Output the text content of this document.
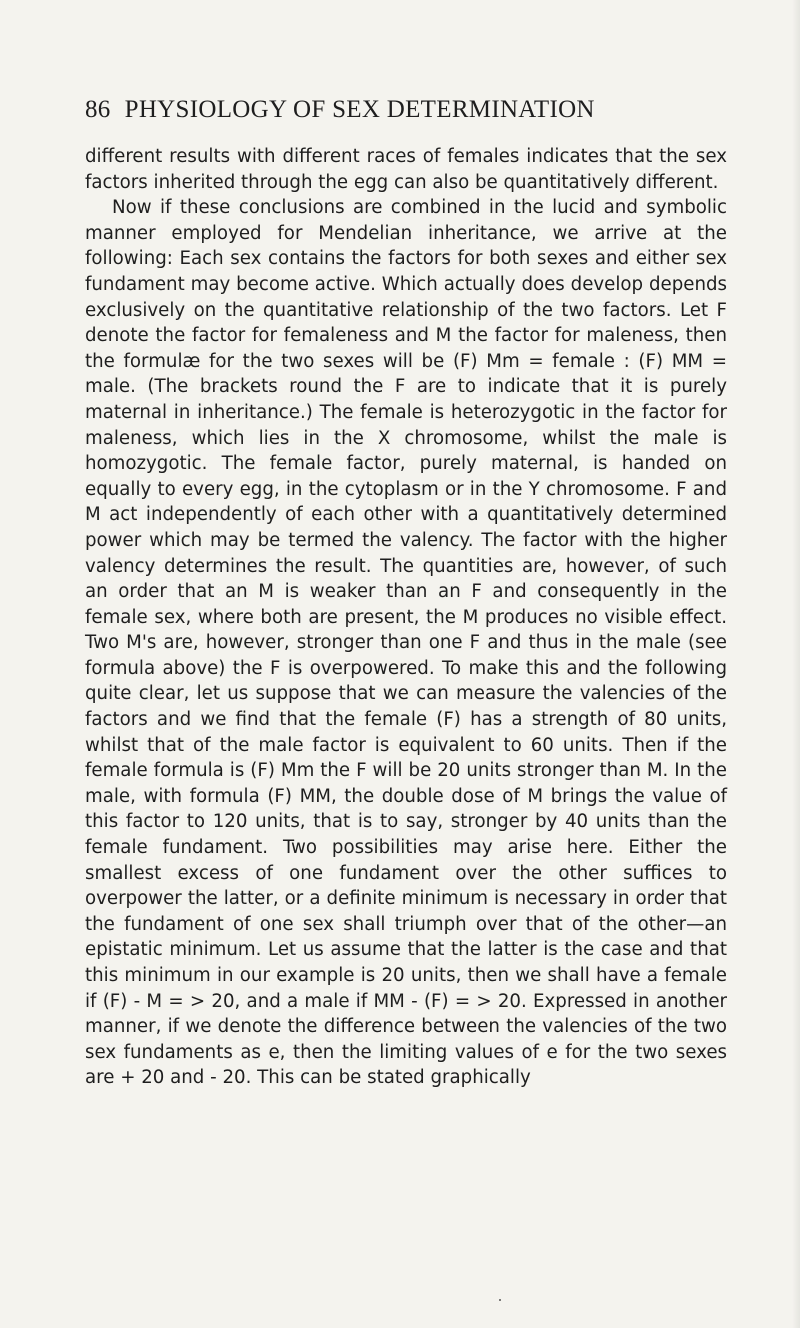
86 PHYSIOLOGY OF SEX DETERMINATION

different results with different races of females indicates that the sex factors inherited through the egg can also be quantitatively different.

Now if these conclusions are combined in the lucid and symbolic manner employed for Mendelian inheritance, we arrive at the following: Each sex contains the factors for both sexes and either sex fundament may become active. Which actually does develop depends exclusively on the quantitative relationship of the two factors. Let F denote the factor for femaleness and M the factor for maleness, then the formulæ for the two sexes will be (F) Mm = female : (F) MM = male. (The brackets round the F are to indicate that it is purely maternal in inheritance.) The female is heterozygotic in the factor for maleness, which lies in the X chromosome, whilst the male is homozygotic. The female factor, purely maternal, is handed on equally to every egg, in the cytoplasm or in the Y chromosome. F and M act independently of each other with a quantitatively determined power which may be termed the valency. The factor with the higher valency determines the result. The quantities are, however, of such an order that an M is weaker than an F and consequently in the female sex, where both are present, the M produces no visible effect. Two M's are, however, stronger than one F and thus in the male (see formula above) the F is overpowered. To make this and the following quite clear, let us suppose that we can measure the valencies of the factors and we find that the female (F) has a strength of 80 units, whilst that of the male factor is equivalent to 60 units. Then if the female formula is (F) Mm the F will be 20 units stronger than M. In the male, with formula (F) MM, the double dose of M brings the value of this factor to 120 units, that is to say, stronger by 40 units than the female fundament. Two possibilities may arise here. Either the smallest excess of one fundament over the other suffices to overpower the latter, or a definite minimum is necessary in order that the fundament of one sex shall triumph over that of the other—an epistatic minimum. Let us assume that the latter is the case and that this minimum in our example is 20 units, then we shall have a female if (F) - M = > 20, and a male if MM - (F) = > 20. Expressed in another manner, if we denote the difference between the valencies of the two sex fundaments as e, then the limiting values of e for the two sexes are + 20 and - 20. This can be stated graphically
